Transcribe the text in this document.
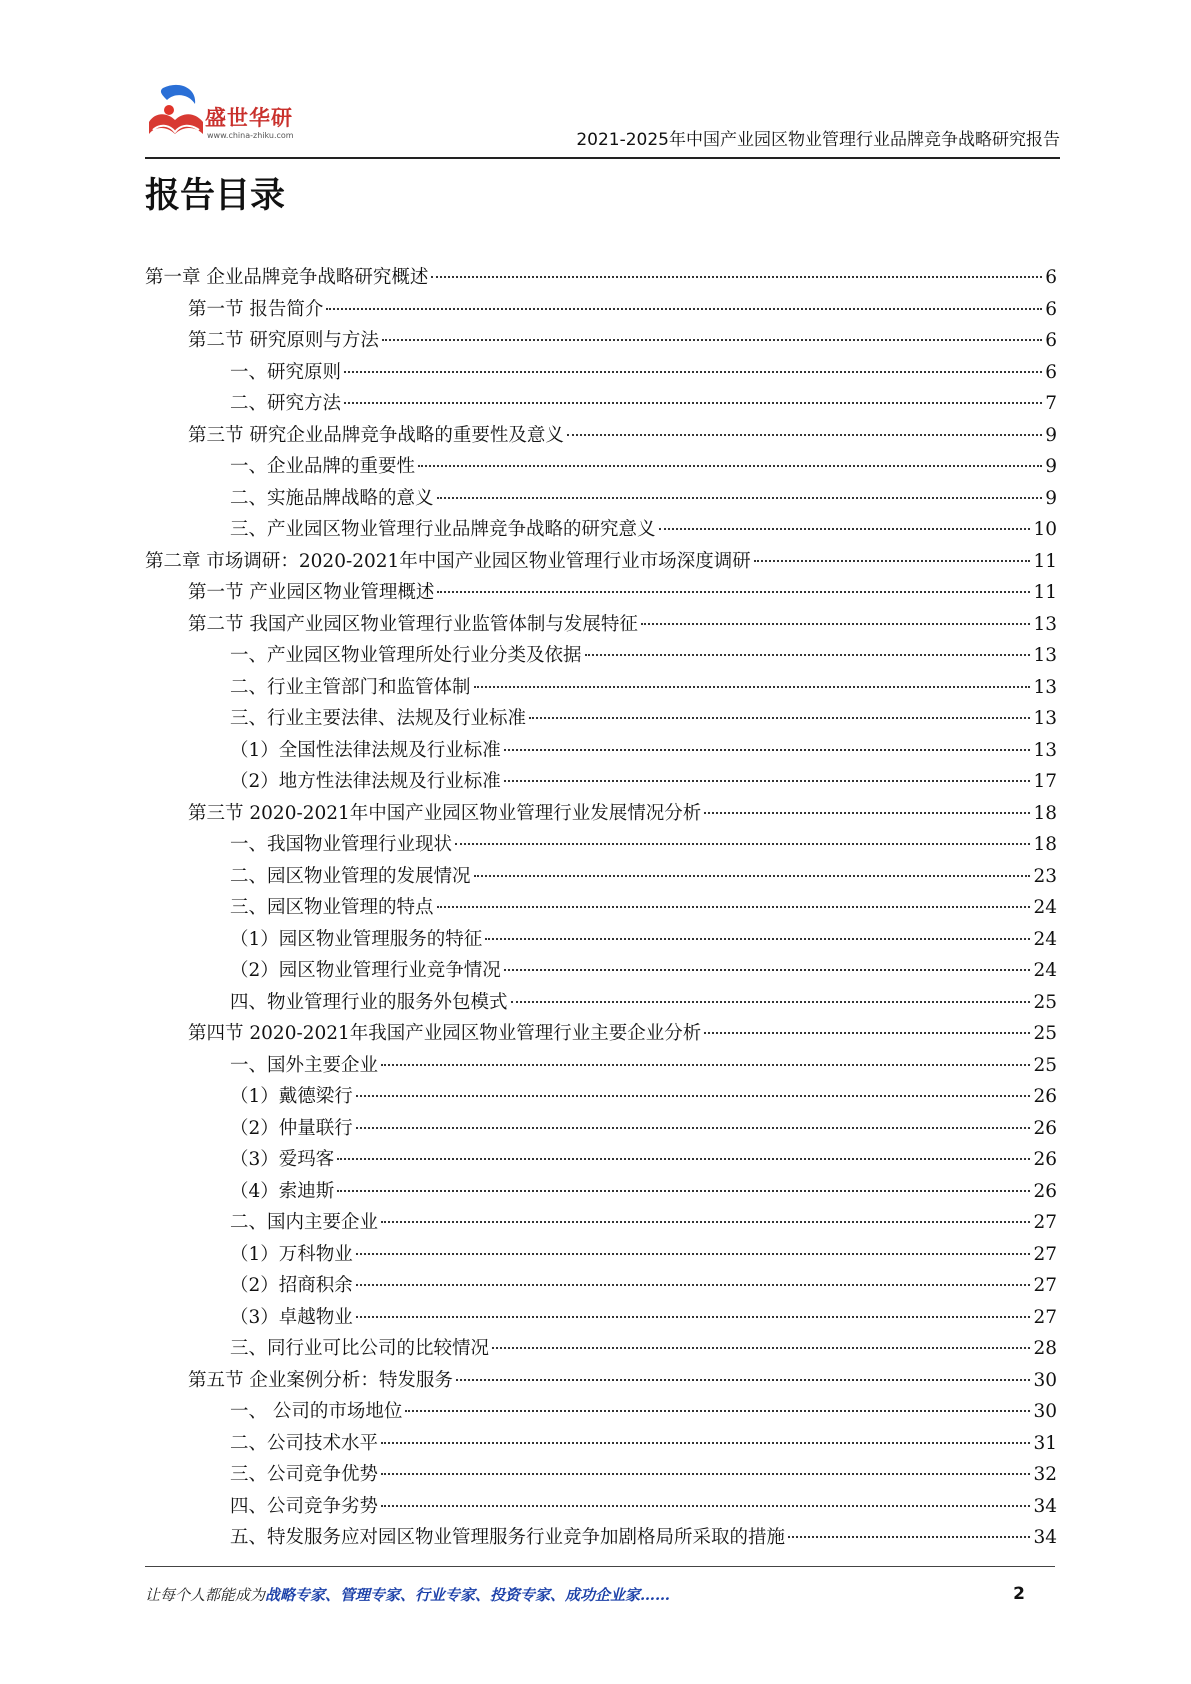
盛世华研
www.china-zhiku.com	2021-2025年中国产业园区物业管理行业品牌竞争战略研究报告
报告目录
第一章 企业品牌竞争战略研究概述	6
第一节 报告简介	6
第二节 研究原则与方法	6
一、研究原则	6
二、研究方法	7
第三节 研究企业品牌竞争战略的重要性及意义	9
一、企业品牌的重要性	9
二、实施品牌战略的意义	9
三、产业园区物业管理行业品牌竞争战略的研究意义	10
第二章 市场调研：2020-2021年中国产业园区物业管理行业市场深度调研	11
第一节 产业园区物业管理概述	11
第二节 我国产业园区物业管理行业监管体制与发展特征	13
一、产业园区物业管理所处行业分类及依据	13
二、行业主管部门和监管体制	13
三、行业主要法律、法规及行业标准	13
（1）全国性法律法规及行业标准	13
（2）地方性法律法规及行业标准	17
第三节 2020-2021年中国产业园区物业管理行业发展情况分析	18
一、我国物业管理行业现状	18
二、园区物业管理的发展情况	23
三、园区物业管理的特点	24
（1）园区物业管理服务的特征	24
（2）园区物业管理行业竞争情况	24
四、物业管理行业的服务外包模式	25
第四节 2020-2021年我国产业园区物业管理行业主要企业分析	25
一、国外主要企业	25
（1）戴德梁行	26
（2）仲量联行	26
（3）爱玛客	26
（4）索迪斯	26
二、国内主要企业	27
（1）万科物业	27
（2）招商积余	27
（3）卓越物业	27
三、同行业可比公司的比较情况	28
第五节 企业案例分析：特发服务	30
一、 公司的市场地位	30
二、公司技术水平	31
三、公司竞争优势	32
四、公司竞争劣势	34
五、特发服务应对园区物业管理服务行业竞争加剧格局所采取的措施	34
让每个人都能成为战略专家、管理专家、行业专家、投资专家、成功企业家……	2
